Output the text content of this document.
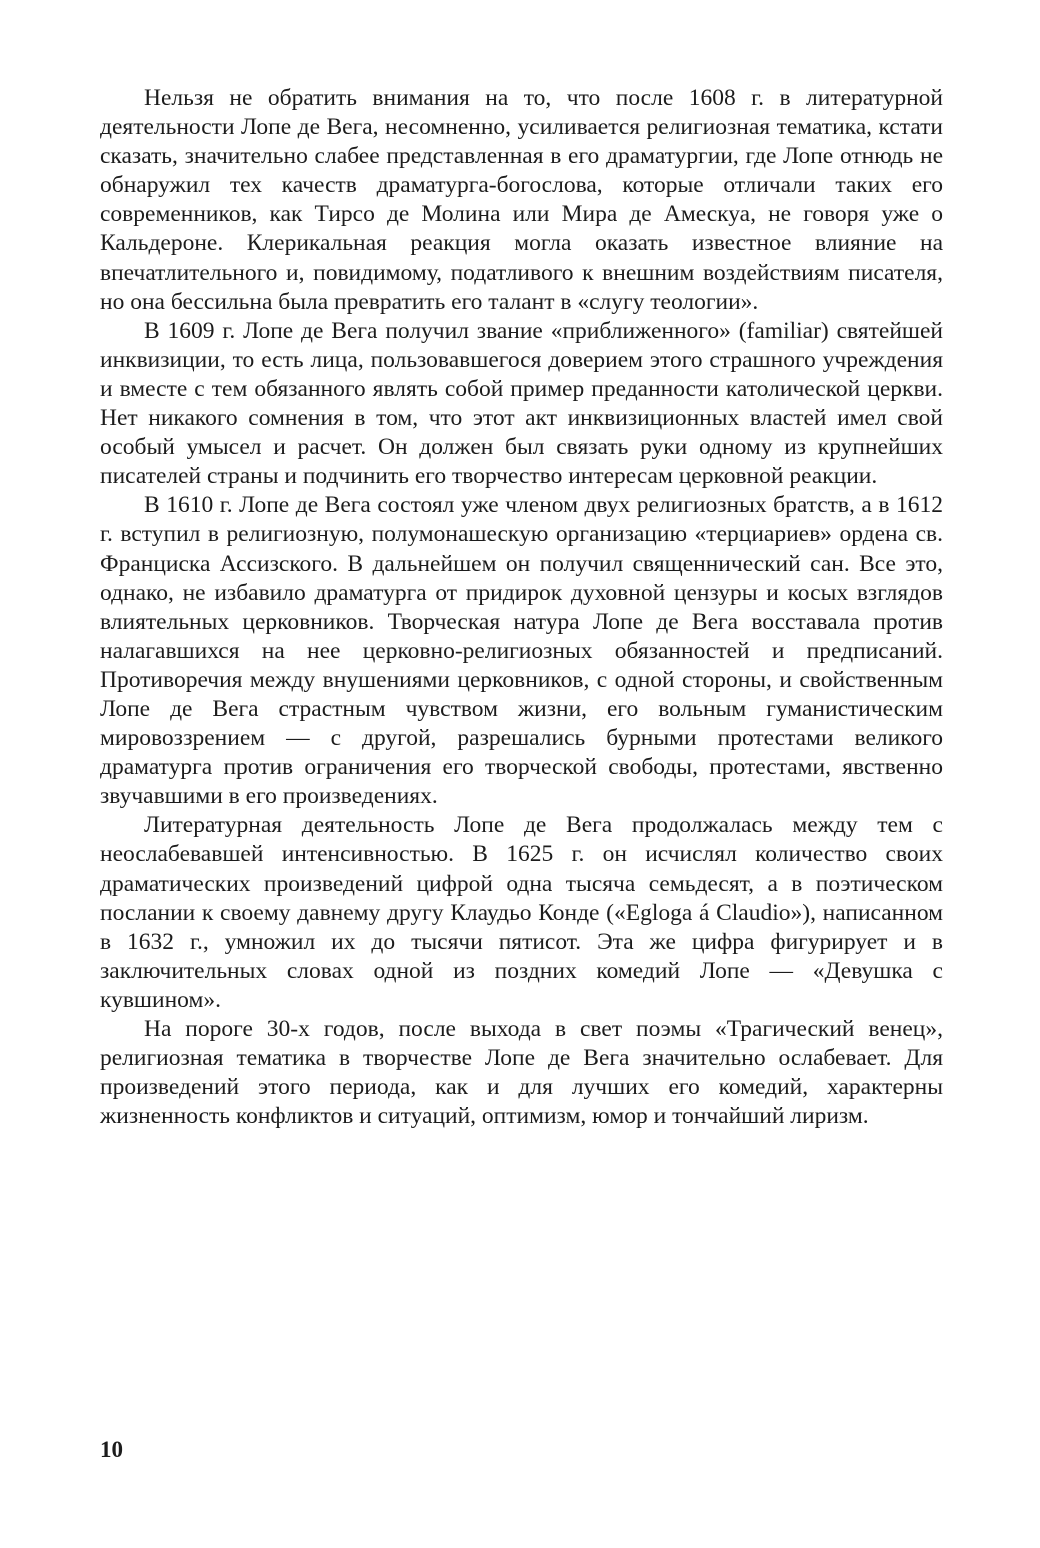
Нельзя не обратить внимания на то, что после 1608 г. в литературной деятельности Лопе де Вега, несомненно, усиливается религиозная тематика, кстати сказать, значительно слабее представленная в его драматургии, где Лопе отнюдь не обнаружил тех качеств драматурга-богослова, которые отличали таких его современников, как Тирсо де Молина или Мира де Амескуа, не говоря уже о Кальдероне. Клерикальная реакция могла оказать известное влияние на впечатлительного и, повидимому, податливого к внешним воздействиям писателя, но она бессильна была превратить его талант в «слугу теологии».

В 1609 г. Лопе де Вега получил звание «приближенного» (familiar) святейшей инквизиции, то есть лица, пользовавшегося доверием этого страшного учреждения и вместе с тем обязанного являть собой пример преданности католической церкви. Нет никакого сомнения в том, что этот акт инквизиционных властей имел свой особый умысел и расчет. Он должен был связать руки одному из крупнейших писателей страны и подчинить его творчество интересам церковной реакции.

В 1610 г. Лопе де Вега состоял уже членом двух религиозных братств, а в 1612 г. вступил в религиозную, полумонашескую организацию «терциариев» ордена св. Франциска Ассизского. В дальнейшем он получил священнический сан. Все это, однако, не избавило драматурга от придирок духовной цензуры и косых взглядов влиятельных церковников. Творческая натура Лопе де Вега восставала против налагавшихся на нее церковно-религиозных обязанностей и предписаний. Противоречия между внушениями церковников, с одной стороны, и свойственным Лопе де Вега страстным чувством жизни, его вольным гуманистическим мировоззрением — с другой, разрешались бурными протестами великого драматурга против ограничения его творческой свободы, протестами, явственно звучавшими в его произведениях.

Литературная деятельность Лопе де Вега продолжалась между тем с неослабевавшей интенсивностью. В 1625 г. он исчислял количество своих драматических произведений цифрой одна тысяча семьдесят, а в поэтическом послании к своему давнему другу Клаудьо Конде («Egloga á Claudio»), написанном в 1632 г., умножил их до тысячи пятисот. Эта же цифра фигурирует и в заключительных словах одной из поздних комедий Лопе — «Девушка с кувшином».

На пороге 30-х годов, после выхода в свет поэмы «Трагический венец», религиозная тематика в творчестве Лопе де Вега значительно ослабевает. Для произведений этого периода, как и для лучших его комедий, характерны жизненность конфликтов и ситуаций, оптимизм, юмор и тончайший лиризм.

10
